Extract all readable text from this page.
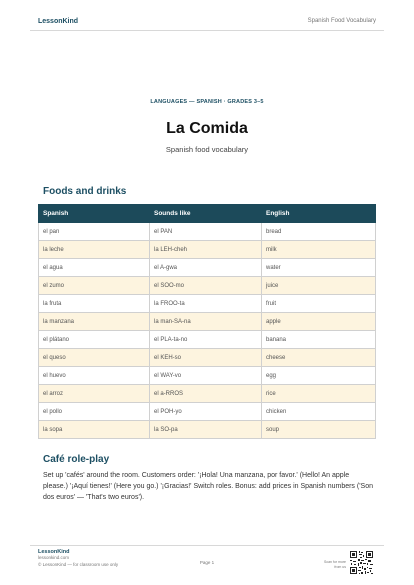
LessonKind	Spanish Food Vocabulary
LANGUAGES — SPANISH · GRADES 3–5
La Comida
Spanish food vocabulary
Foods and drinks
Spanish	Sounds like	English
el pan	el PAN	bread
la leche	la LEH-cheh	milk
el agua	el A-gwa	water
el zumo	el SOO-mo	juice
la fruta	la FROO-ta	fruit
la manzana	la man-SA-na	apple
el plátano	el PLA-ta-no	banana
el queso	el KEH-so	cheese
el huevo	el WAY-vo	egg
el arroz	el a-RROS	rice
el pollo	el POH-yo	chicken
la sopa	la SO-pa	soup
Café role-play
Set up 'cafés' around the room. Customers order: '¡Hola! Una manzana, por favor.' (Hello! An apple please.) '¡Aquí tienes!' (Here you go.) '¡Gracias!' Switch roles. Bonus: add prices in Spanish numbers ('Son dos euros' — 'That's two euros').
LessonKind
lessonkind.com
© LessonKind — for classroom use only	Page 1	Scan for more from us
